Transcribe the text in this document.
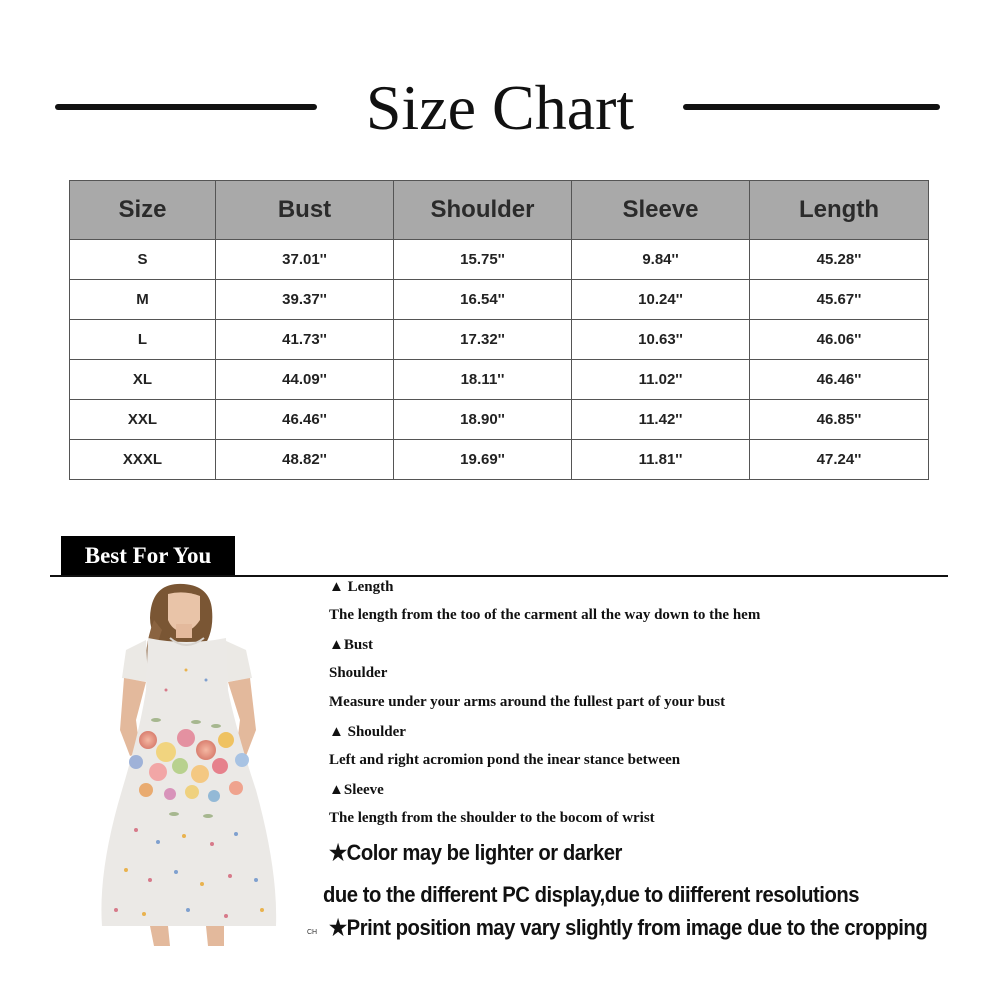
Size Chart
Size	Bust	Shoulder	Sleeve	Length
S	37.01''	15.75''	9.84''	45.28''
M	39.37''	16.54''	10.24''	45.67''
L	41.73''	17.32''	10.63''	46.06''
XL	44.09''	18.11''	11.02''	46.46''
XXL	46.46''	18.90''	11.42''	46.85''
XXXL	48.82''	19.69''	11.81''	47.24''
Best For You
▲ Length
The length from the too of the carment all the way down to the hem
▲Bust
Shoulder
Measure under your arms around the fullest part of your bust
▲ Shoulder
Left and right acromion pond the inear stance between
▲Sleeve
The length from the shoulder to the bocom of wrist
★Color may be lighter or darker
due to the different PC display,due to diifferent resolutions
★Print position may vary slightly from image due to the cropping
CH
